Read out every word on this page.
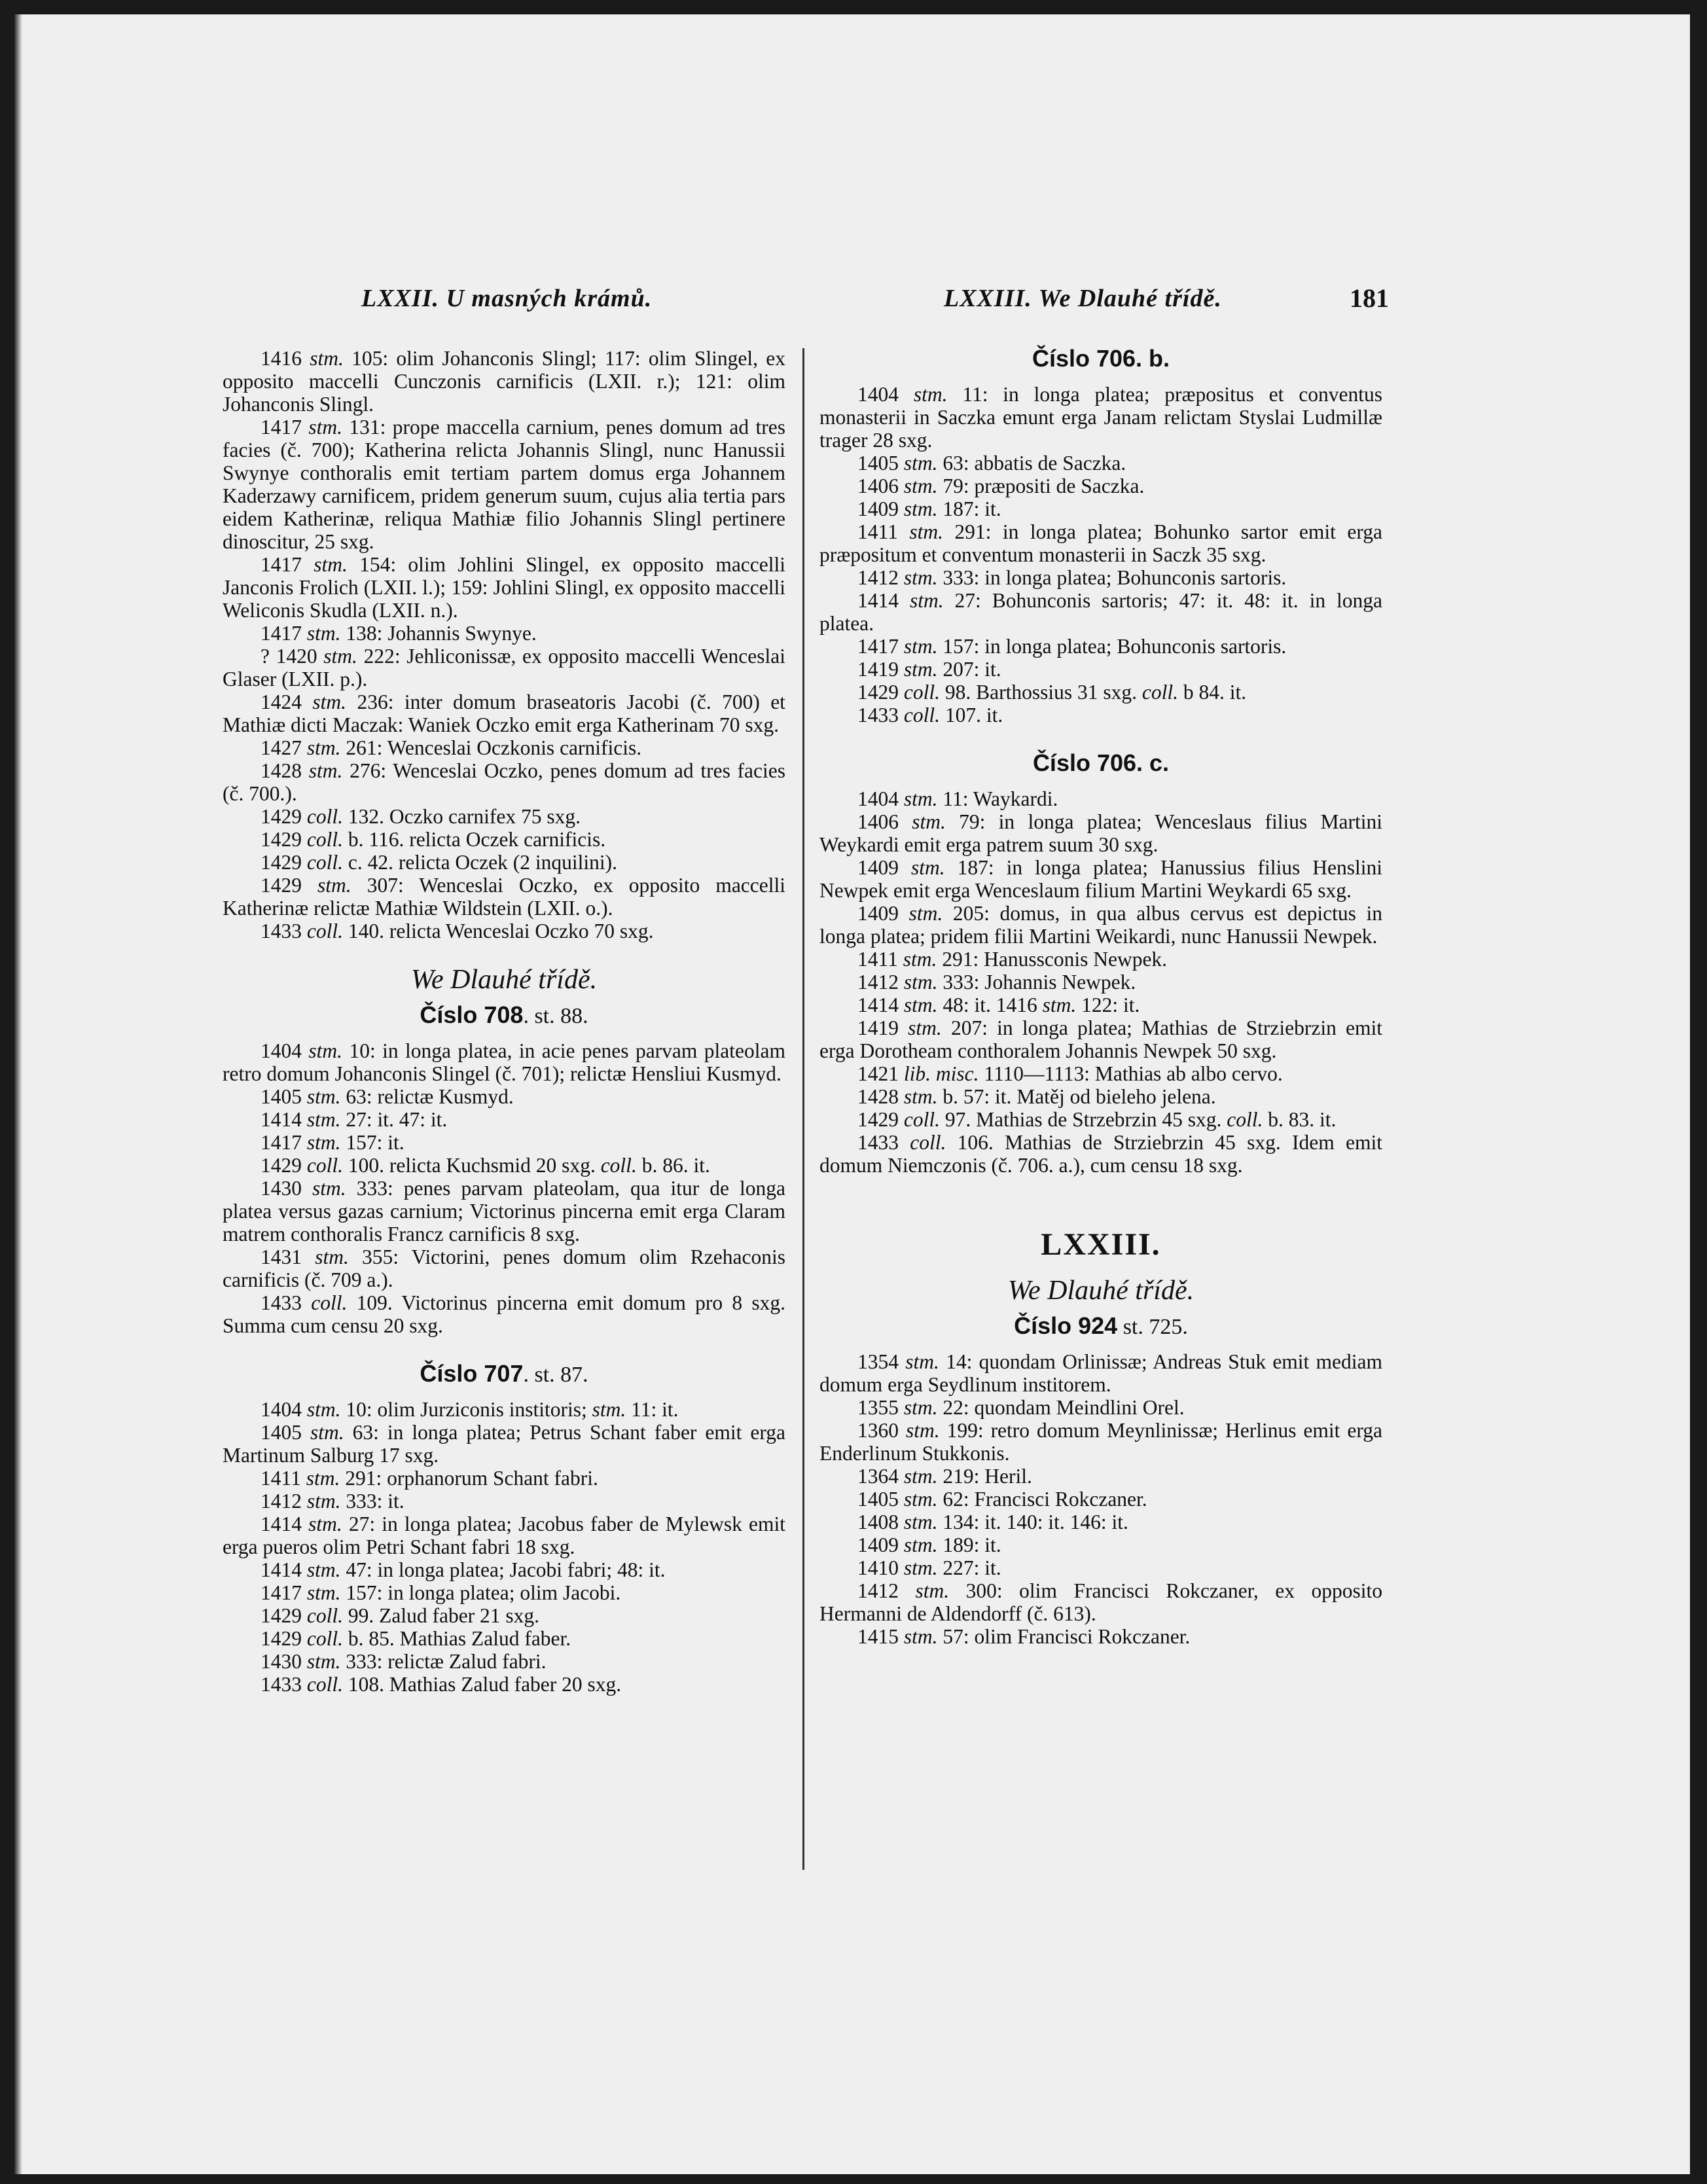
LXXII. U masných krámů.	LXXIII. We Dlauhé třídě.	181

1416 stm. 105: olim Johanconis Slingl; 117: olim Slingel, ex opposito maccelli Cunczonis carnificis (LXII. r.); 121: olim Johanconis Slingl.

1417 stm. 131: prope maccella carnium, penes domum ad tres facies (č. 700); Katherina relicta Johannis Slingl, nunc Hanussii Swynye conthoralis emit tertiam partem domus erga Johannem Kaderzawy carnificem, pridem generum suum, cujus alia tertia pars eidem Katherinæ, reliqua Mathiæ filio Johannis Slingl pertinere dinoscitur, 25 sxg.

1417 stm. 154: olim Johlini Slingel, ex opposito maccelli Janconis Frolich (LXII. l.); 159: Johlini Slingl, ex opposito maccelli Weliconis Skudla (LXII. n.).

1417 stm. 138: Johannis Swynye.

? 1420 stm. 222: Jehliconissæ, ex opposito maccelli Wenceslai Glaser (LXII. p.).

1424 stm. 236: inter domum braseatoris Jacobi (č. 700) et Mathiæ dicti Maczak: Waniek Oczko emit erga Katherinam 70 sxg.

1427 stm. 261: Wenceslai Oczkonis carnificis.

1428 stm. 276: Wenceslai Oczko, penes domum ad tres facies (č. 700.).

1429 coll. 132. Oczko carnifex 75 sxg.

1429 coll. b. 116. relicta Oczek carnificis.

1429 coll. c. 42. relicta Oczek (2 inquilini).

1429 stm. 307: Wenceslai Oczko, ex opposito maccelli Katherinæ relictæ Mathiæ Wildstein (LXII. o.).

1433 coll. 140. relicta Wenceslai Oczko 70 sxg.

We Dlauhé třídě.
Číslo 708. st. 88.

1404 stm. 10: in longa platea, in acie penes parvam plateolam retro domum Johanconis Slingel (č. 701); relictæ Hensliui Kusmyd.

1405 stm. 63: relictæ Kusmyd.

1414 stm. 27: it. 47: it.

1417 stm. 157: it.

1429 coll. 100. relicta Kuchsmid 20 sxg. coll. b. 86. it.

1430 stm. 333: penes parvam plateolam, qua itur de longa platea versus gazas carnium; Victorinus pincerna emit erga Claram matrem conthoralis Francz carnificis 8 sxg.

1431 stm. 355: Victorini, penes domum olim Rzehaconis carnificis (č. 709 a.).

1433 coll. 109. Victorinus pincerna emit domum pro 8 sxg. Summa cum censu 20 sxg.

Číslo 707. st. 87.

1404 stm. 10: olim Jurziconis institoris; stm. 11: it.

1405 stm. 63: in longa platea; Petrus Schant faber emit erga Martinum Salburg 17 sxg.

1411 stm. 291: orphanorum Schant fabri.

1412 stm. 333: it.

1414 stm. 27: in longa platea; Jacobus faber de Mylewsk emit erga pueros olim Petri Schant fabri 18 sxg.

1414 stm. 47: in longa platea; Jacobi fabri; 48: it.

1417 stm. 157: in longa platea; olim Jacobi.

1429 coll. 99. Zalud faber 21 sxg.

1429 coll. b. 85. Mathias Zalud faber.

1430 stm. 333: relictæ Zalud fabri.

1433 coll. 108. Mathias Zalud faber 20 sxg.

Číslo 706. b.

1404 stm. 11: in longa platea; præpositus et conventus monasterii in Saczka emunt erga Janam relictam Styslai Ludmillæ trager 28 sxg.

1405 stm. 63: abbatis de Saczka.

1406 stm. 79: præpositi de Saczka.

1409 stm. 187: it.

1411 stm. 291: in longa platea; Bohunko sartor emit erga præpositum et conventum monasterii in Saczk 35 sxg.

1412 stm. 333: in longa platea; Bohunconis sartoris.

1414 stm. 27: Bohunconis sartoris; 47: it. 48: it. in longa platea.

1417 stm. 157: in longa platea; Bohunconis sartoris.

1419 stm. 207: it.

1429 coll. 98. Barthossius 31 sxg. coll. b 84. it.

1433 coll. 107. it.

Číslo 706. c.

1404 stm. 11: Waykardi.

1406 stm. 79: in longa platea; Wenceslaus filius Martini Weykardi emit erga patrem suum 30 sxg.

1409 stm. 187: in longa platea; Hanussius filius Henslini Newpek emit erga Wenceslaum filium Martini Weykardi 65 sxg.

1409 stm. 205: domus, in qua albus cervus est depictus in longa platea; pridem filii Martini Weikardi, nunc Hanussii Newpek.

1411 stm. 291: Hanussconis Newpek.

1412 stm. 333: Johannis Newpek.

1414 stm. 48: it. 1416 stm. 122: it.

1419 stm. 207: in longa platea; Mathias de Strziebrzin emit erga Dorotheam conthoralem Johannis Newpek 50 sxg.

1421 lib. misc. 1110—1113: Mathias ab albo cervo.

1428 stm. b. 57: it. Matěj od bieleho jelena.

1429 coll. 97. Mathias de Strzebrzin 45 sxg. coll. b. 83. it.

1433 coll. 106. Mathias de Strziebrzin 45 sxg. Idem emit domum Niemczonis (č. 706. a.), cum censu 18 sxg.

LXXIII.
We Dlauhé třídě.
Číslo 924 st. 725.

1354 stm. 14: quondam Orlinissæ; Andreas Stuk emit mediam domum erga Seydlinum institorem.

1355 stm. 22: quondam Meindlini Orel.

1360 stm. 199: retro domum Meynlinissæ; Herlinus emit erga Enderlinum Stukkonis.

1364 stm. 219: Heril.

1405 stm. 62: Francisci Rokczaner.

1408 stm. 134: it. 140: it. 146: it.

1409 stm. 189: it.

1410 stm. 227: it.

1412 stm. 300: olim Francisci Rokczaner, ex opposito Hermanni de Aldendorff (č. 613).

1415 stm. 57: olim Francisci Rokczaner.
